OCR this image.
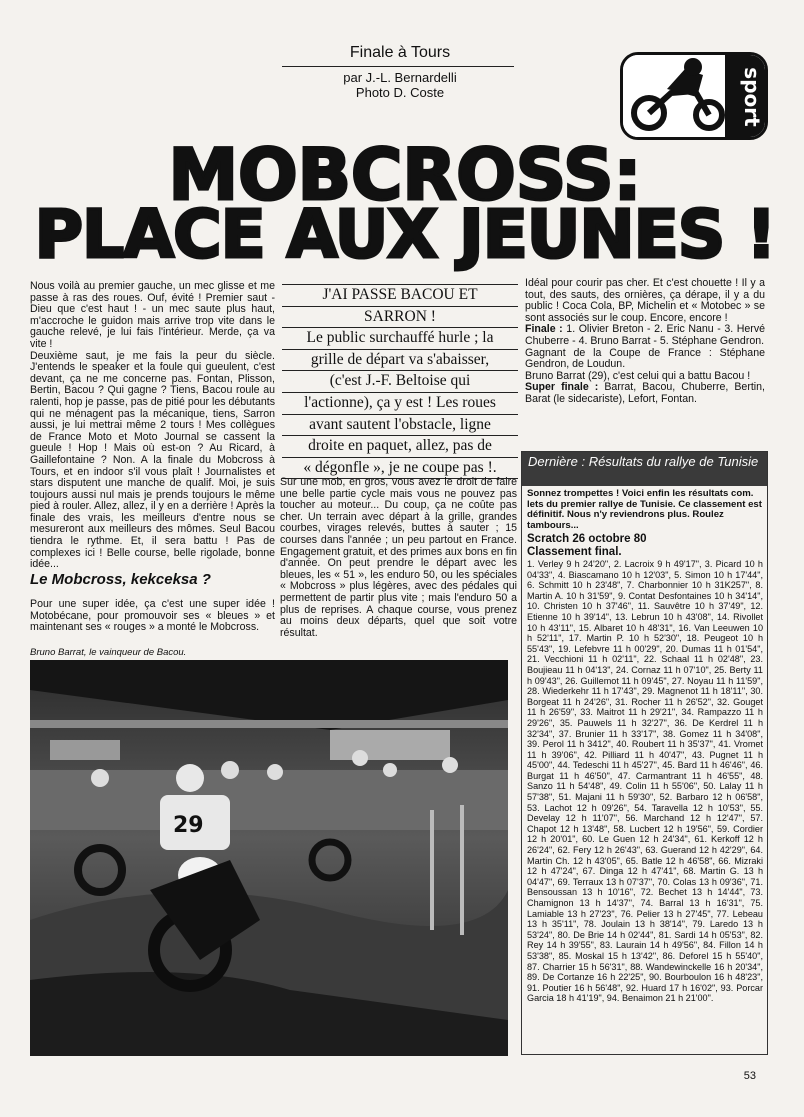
Finale à Tours
par J.-L. Bernardelli
Photo D. Coste	sport
MOBCROSS:
PLACE AUX JEUNES !

Nous voilà au premier gauche, un mec glisse et me passe à ras des roues. Ouf, évité ! Premier saut - Dieu que c'est haut ! - un mec saute plus haut, m'accroche le guidon mais arrive trop vite dans le gauche relevé, je lui fais l'intérieur. Merde, ça va vite !

Deuxième saut, je me fais la peur du siècle. J'entends le speaker et la foule qui gueulent, c'est devant, ça ne me concerne pas. Fontan, Plisson, Bertin, Bacou ? Qui gagne ? Tiens, Bacou roule au ralenti, hop je passe, pas de pitié pour les débutants qui ne ménagent pas la mécanique, tiens, Sarron aussi, je lui mettrai même 2 tours ! Mes collègues de France Moto et Moto Journal se cassent la gueule ! Hop ! Mais où est-on ? Au Ricard, à Gaillefontaine ? Non. A la finale du Mobcross à Tours, et en indoor s'il vous plaît ! Journalistes et stars disputent une manche de qualif. Moi, je suis toujours aussi nul mais je prends toujours le même pied à rouler. Allez, allez, il y en a derrière ! Après la finale des vrais, les meilleurs d'entre nous se mesureront aux meilleurs des mômes. Seul Bacou tiendra le rythme. Et, il sera battu ! Pas de complexes ici ! Belle course, belle rigolade, bonne idée...

Le Mobcross, kekceksa ?

Pour une super idée, ça c'est une super idée ! Motobécane, pour promouvoir ses « bleues » et maintenant ses « rouges » a monté le Mobcross.

Bruno Barrat, le vainqueur de Bacou.
J'AI PASSE BACOU ET
SARRON !
Le public surchauffé hurle ; la
grille de départ va s'abaisser,
(c'est J.-F. Beltoise qui
l'actionne), ça y est ! Les roues
avant sautent l'obstacle, ligne
droite en paquet, allez, pas de
« dégonfle », je ne coupe pas !.

Sur une mob, en gros, vous avez le droit de faire une belle partie cycle mais vous ne pouvez pas toucher au moteur... Du coup, ça ne coûte pas cher. Un terrain avec départ à la grille, grandes courbes, virages relevés, buttes à sauter ; 15 courses dans l'année ; un peu partout en France. Engagement gratuit, et des primes aux bons en fin d'année. On peut prendre le départ avec les bleues, les « 51 », les enduro 50, ou les spéciales « Mobcross » plus légères, avec des pédales qui permettent de partir plus vite ; mais l'enduro 50 a plus de reprises. A chaque course, vous prenez au moins deux départs, quel que soit votre résultat.

Idéal pour courir pas cher. Et c'est chouette ! Il y a tout, des sauts, des ornières, ça dérape, il y a du public ! Coca Cola, BP, Michelin et « Motobec » se sont associés sur le coup. Encore, encore !

Finale : 1. Olivier Breton - 2. Eric Nanu - 3. Hervé Chuberre - 4. Bruno Barrat - 5. Stéphane Gendron.

Gagnant de la Coupe de France : Stéphane Gendron, de Loudun.

Bruno Barrat (29), c'est celui qui a battu Bacou !

Super finale : Barrat, Bacou, Chuberre, Bertin, Barat (le sidecariste), Lefort, Fontan.

29
Dernière : Résultats du rallye de Tunisie
Sonnez trompettes ! Voici enfin les résultats com. lets du premier rallye de Tunisie. Ce classement est définitif. Nous n'y reviendrons plus. Roulez tambours...
Scratch 26 octobre 80
Classement final.
1. Verley 9 h 24'20", 2. Lacroix 9 h 49'17", 3. Picard 10 h 04'33", 4. Biascamano 10 h 12'03", 5. Simon 10 h 17'44", 6. Schmitt 10 h 23'48", 7. Charbonnier 10 h 31K257", 8. Martin A. 10 h 31'59", 9. Contat Desfontaines 10 h 34'14", 10. Christen 10 h 37'46", 11. Sauvêtre 10 h 37'49", 12. Etienne 10 h 39'14", 13. Lebrun 10 h 43'08", 14. Rivollet 10 h 43'11", 15. Albaret 10 h 48'31", 16. Van Leeuwen 10 h 52'11", 17. Martin P. 10 h 52'30", 18. Peugeot 10 h 55'43", 19. Lefebvre 11 h 00'29", 20. Dumas 11 h 01'54", 21. Vecchioni 11 h 02'11", 22. Schaal 11 h 02'48", 23. Boujieau 11 h 04'13", 24. Cornaz 11 h 07'10", 25. Berty 11 h 09'43", 26. Guillemot 11 h 09'45", 27. Noyau 11 h 11'59", 28. Wiederkehr 11 h 17'43", 29. Magnenot 11 h 18'11", 30. Borgeat 11 h 24'26", 31. Rocher 11 h 26'52", 32. Gouget 11 h 26'59", 33. Maitrot 11 h 29'21", 34. Rampazzo 11 h 29'26", 35. Pauwels 11 h 32'27", 36. De Kerdrel 11 h 32'34", 37. Brunier 11 h 33'17", 38. Gomez 11 h 34'08", 39. Perol 11 h 3412", 40. Roubert 11 h 35'37", 41. Vromet 11 h 39'06", 42. Pilliard 11 h 40'47", 43. Pugnet 11 h 45'00", 44. Tedeschi 11 h 45'27", 45. Bard 11 h 46'46", 46. Burgat 11 h 46'50", 47. Carmantrant 11 h 46'55", 48. Sanzo 11 h 54'48", 49. Colin 11 h 55'06", 50. Lalay 11 h 57'38", 51. Majani 11 h 59'30", 52. Barbaro 12 h 06'58", 53. Lachot 12 h 09'26", 54. Taravella 12 h 10'53", 55. Develay 12 h 11'07", 56. Marchand 12 h 12'47", 57. Chapot 12 h 13'48", 58. Lucbert 12 h 19'56", 59. Cordier 12 h 20'01", 60. Le Guen 12 h 24'34", 61. Kerkoff 12 h 26'24", 62. Fery 12 h 26'43", 63. Guerand 12 h 42'29", 64. Martin Ch. 12 h 43'05", 65. Batle 12 h 46'58", 66. Mizraki 12 h 47'24", 67. Dinga 12 h 47'41", 68. Martin G. 13 h 04'47", 69. Terraux 13 h 07'37", 70. Colas 13 h 09'36", 71. Bensoussan 13 h 10'16", 72. Bechet 13 h 14'44", 73. Chamignon 13 h 14'37", 74. Barral 13 h 16'31", 75. Lamiable 13 h 27'23", 76. Pelier 13 h 27'45", 77. Lebeau 13 h 35'11", 78. Joulain 13 h 38'14", 79. Laredo 13 h 53'24", 80. De Brie 14 h 02'44", 81. Sardi 14 h 05'53", 82. Rey 14 h 39'55", 83. Laurain 14 h 49'56", 84. Fillon 14 h 53'38", 85. Moskal 15 h 13'42", 86. Deforel 15 h 55'40", 87. Charrier 15 h 56'31", 88. Wandewinckelle 16 h 20'34", 89. De Cortanze 16 h 22'25", 90. Bourboulon 16 h 48'23", 91. Poutier 16 h 56'48", 92. Huard 17 h 16'02", 93. Porcar Garcia 18 h 41'19", 94. Benaimon 21 h 21'00".
53
